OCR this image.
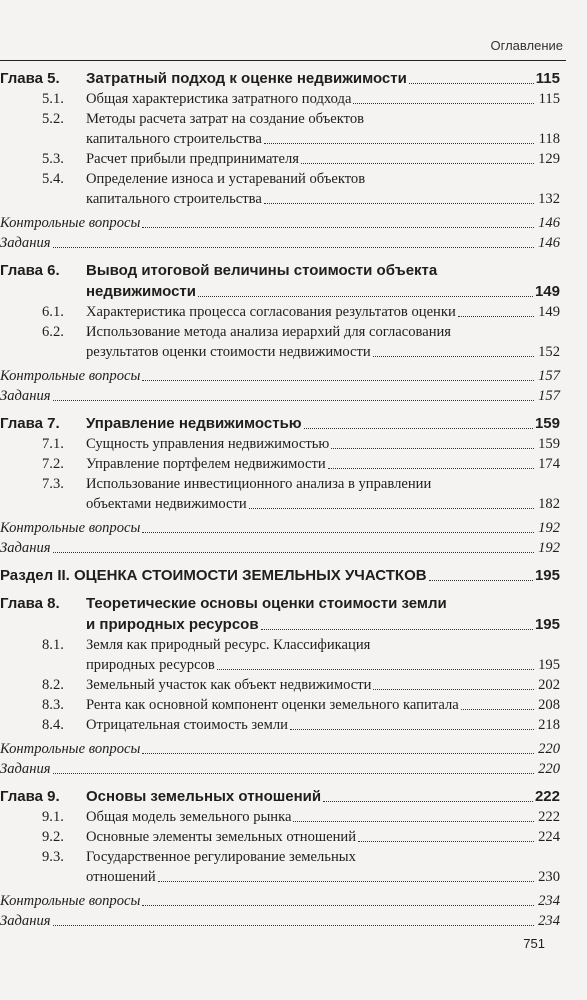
Оглавление
Глава 5.	Затратный подход к оценке недвижимости	115
5.1.	Общая характеристика затратного подхода	115
5.2.	Методы расчета затрат на создание объектов
капитального строительства	118
5.3.	Расчет прибыли предпринимателя	129
5.4.	Определение износа и устареваний объектов
капитального строительства	132
Контрольные вопросы	146
Задания	146
Глава 6.	Вывод итоговой величины стоимости объекта
недвижимости	149
6.1.	Характеристика процесса согласования результатов оценки	149
6.2.	Использование метода анализа иерархий для согласования
результатов оценки стоимости недвижимости	152
Контрольные вопросы	157
Задания	157
Глава 7.	Управление недвижимостью	159
7.1.	Сущность управления недвижимостью	159
7.2.	Управление портфелем недвижимости	174
7.3.	Использование инвестиционного анализа в управлении
объектами недвижимости	182
Контрольные вопросы	192
Задания	192
Раздел II. ОЦЕНКА СТОИМОСТИ ЗЕМЕЛЬНЫХ УЧАСТКОВ	195
Глава 8.	Теоретические основы оценки стоимости земли
и природных ресурсов	195
8.1.	Земля как природный ресурс. Классификация
природных ресурсов	195
8.2.	Земельный участок как объект недвижимости	202
8.3.	Рента как основной компонент оценки земельного капитала	208
8.4.	Отрицательная стоимость земли	218
Контрольные вопросы	220
Задания	220
Глава 9.	Основы земельных отношений	222
9.1.	Общая модель земельного рынка	222
9.2.	Основные элементы земельных отношений	224
9.3.	Государственное регулирование земельных
отношений	230
Контрольные вопросы	234
Задания	234
751
